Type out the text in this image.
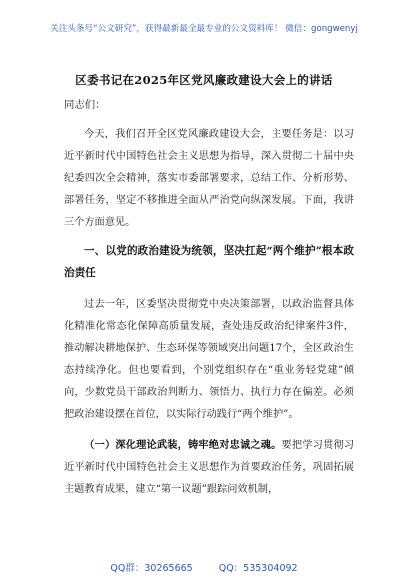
关注头条号“公文研究”，获得最新最全最专业的公文资料库！ 微信：gongwenyj
区委书记在2025年区党风廉政建设大会上的讲话

同志们：

今天，我们召开全区党风廉政建设大会，主要任务是：以习近平新时代中国特色社会主义思想为指导，深入贯彻二十届中央纪委四次全会精神，落实市委部署要求，总结工作、分析形势、部署任务，坚定不移推进全面从严治党向纵深发展。下面，我讲三个方面意见。

一、以党的政治建设为统领，坚决扛起“两个维护”根本政治责任

过去一年，区委坚决贯彻党中央决策部署，以政治监督具体化精准化常态化保障高质量发展，查处违反政治纪律案件3件，推动解决耕地保护、生态环保等领域突出问题17个，全区政治生态持续净化。但也要看到，个别党组织存在“重业务轻党建”倾向，少数党员干部政治判断力、领悟力、执行力存在偏差。必须把政治建设摆在首位，以实际行动践行“两个维护”。

（一）深化理论武装，铸牢绝对忠诚之魂。要把学习贯彻习近平新时代中国特色社会主义思想作为首要政治任务，巩固拓展主题教育成果，建立“第一议题”跟踪问效机制，

QQ群：30265665	QQ：535304092
